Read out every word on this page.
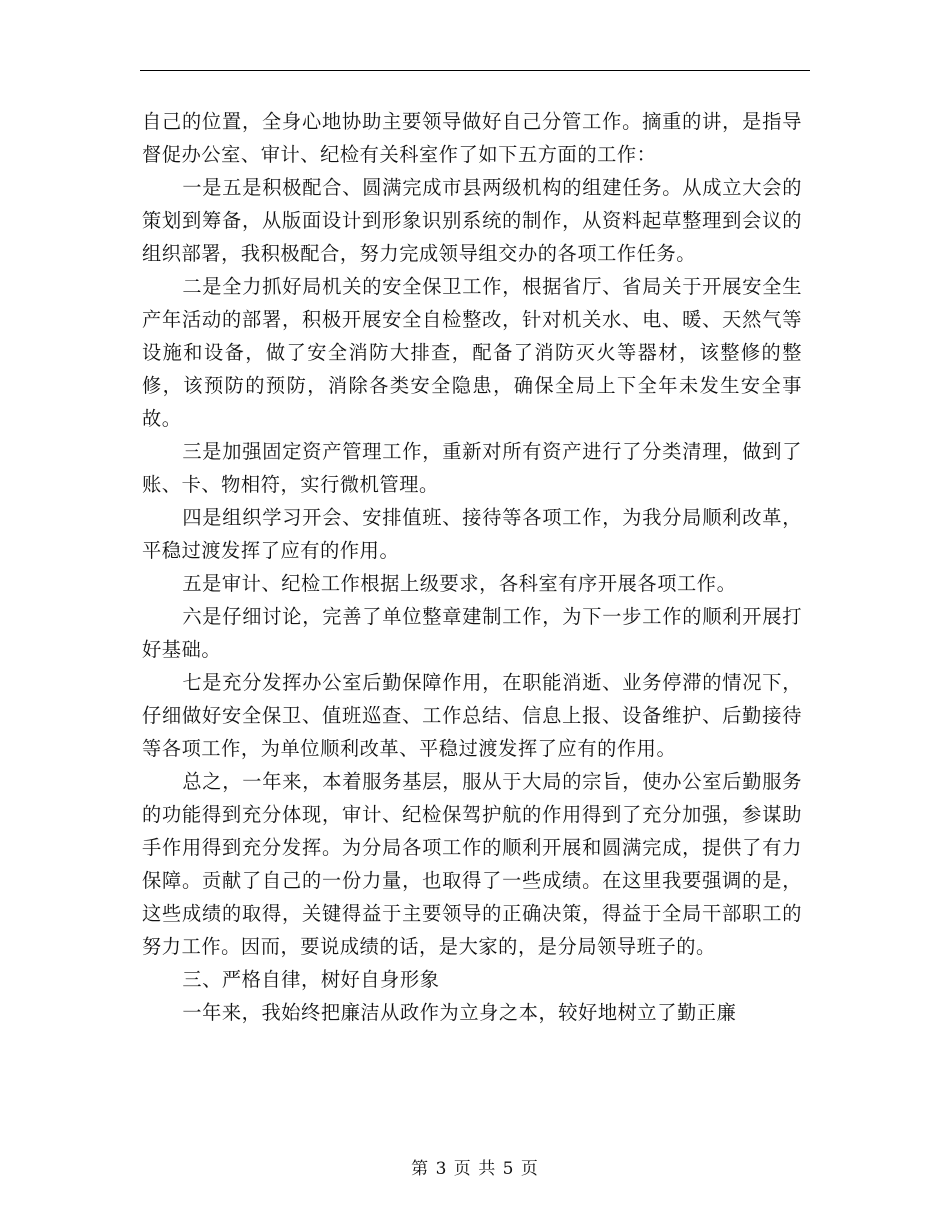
自己的位置，全身心地协助主要领导做好自己分管工作。摘重的讲，是指导督促办公室、审计、纪检有关科室作了如下五方面的工作：

一是五是积极配合、圆满完成市县两级机构的组建任务。从成立大会的策划到筹备，从版面设计到形象识别系统的制作，从资料起草整理到会议的组织部署，我积极配合，努力完成领导组交办的各项工作任务。

二是全力抓好局机关的安全保卫工作，根据省厅、省局关于开展安全生产年活动的部署，积极开展安全自检整改，针对机关水、电、暖、天然气等设施和设备，做了安全消防大排查，配备了消防灭火等器材，该整修的整修，该预防的预防，消除各类安全隐患，确保全局上下全年未发生安全事故。

三是加强固定资产管理工作，重新对所有资产进行了分类清理，做到了账、卡、物相符，实行微机管理。

四是组织学习开会、安排值班、接待等各项工作，为我分局顺利改革，平稳过渡发挥了应有的作用。

五是审计、纪检工作根据上级要求，各科室有序开展各项工作。

六是仔细讨论，完善了单位整章建制工作，为下一步工作的顺利开展打好基础。

七是充分发挥办公室后勤保障作用，在职能消逝、业务停滞的情况下，仔细做好安全保卫、值班巡查、工作总结、信息上报、设备维护、后勤接待等各项工作，为单位顺利改革、平稳过渡发挥了应有的作用。

总之，一年来，本着服务基层，服从于大局的宗旨，使办公室后勤服务的功能得到充分体现，审计、纪检保驾护航的作用得到了充分加强，参谋助手作用得到充分发挥。为分局各项工作的顺利开展和圆满完成，提供了有力保障。贡献了自己的一份力量，也取得了一些成绩。在这里我要强调的是，这些成绩的取得，关键得益于主要领导的正确决策，得益于全局干部职工的努力工作。因而，要说成绩的话，是大家的，是分局领导班子的。

三、严格自律，树好自身形象

一年来，我始终把廉洁从政作为立身之本，较好地树立了勤正廉

第 3 页 共 5 页
